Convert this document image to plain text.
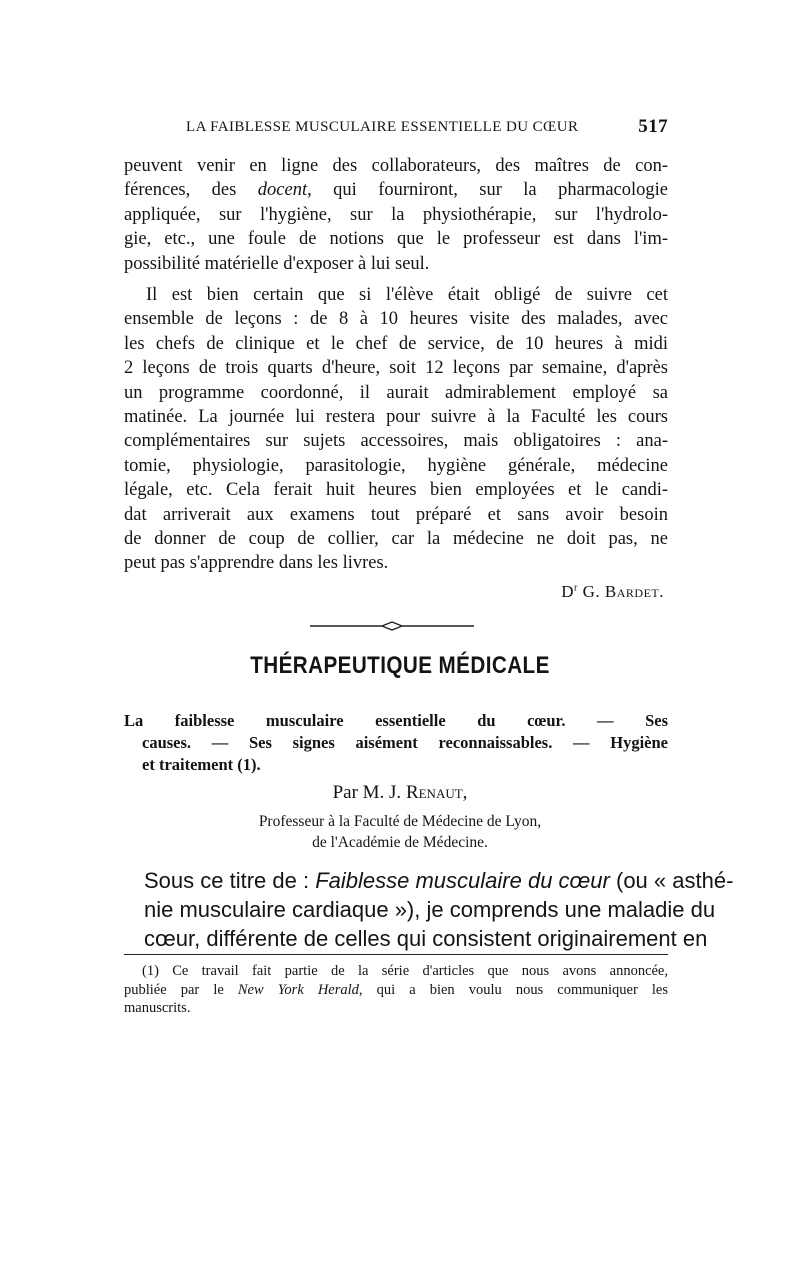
LA FAIBLESSE MUSCULAIRE ESSENTIELLE DU CŒUR	517
peuvent venir en ligne des collaborateurs, des maîtres de con-
férences, des docent, qui fourniront, sur la pharmacologie
appliquée, sur l'hygiène, sur la physiothérapie, sur l'hydrolo-
gie, etc., une foule de notions que le professeur est dans l'im-
possibilité matérielle d'exposer à lui seul.
Il est bien certain que si l'élève était obligé de suivre cet
ensemble de leçons : de 8 à 10 heures visite des malades, avec
les chefs de clinique et le chef de service, de 10 heures à midi
2 leçons de trois quarts d'heure, soit 12 leçons par semaine, d'après
un programme coordonné, il aurait admirablement employé sa
matinée. La journée lui restera pour suivre à la Faculté les cours
complémentaires sur sujets accessoires, mais obligatoires : ana-
tomie, physiologie, parasitologie, hygiène générale, médecine
légale, etc. Cela ferait huit heures bien employées et le candi-
dat arriverait aux examens tout préparé et sans avoir besoin
de donner de coup de collier, car la médecine ne doit pas, ne
peut pas s'apprendre dans les livres.
$D^r$ G. Bardet.
THÉRAPEUTIQUE MÉDICALE
La faiblesse musculaire essentielle du cœur. — Ses
causes. — Ses signes aisément reconnaissables. — Hygiène
et traitement (1).
Par M. J. Renaut,
Professeur à la Faculté de Médecine de Lyon,
de l'Académie de Médecine.
Sous ce titre de : Faiblesse musculaire du cœur (ou « asthé-
nie musculaire cardiaque »), je comprends une maladie du
cœur, différente de celles qui consistent originairement en
(1) Ce travail fait partie de la série d'articles que nous avons annoncée,
publiée par le New York Herald, qui a bien voulu nous communiquer les
manuscrits.
